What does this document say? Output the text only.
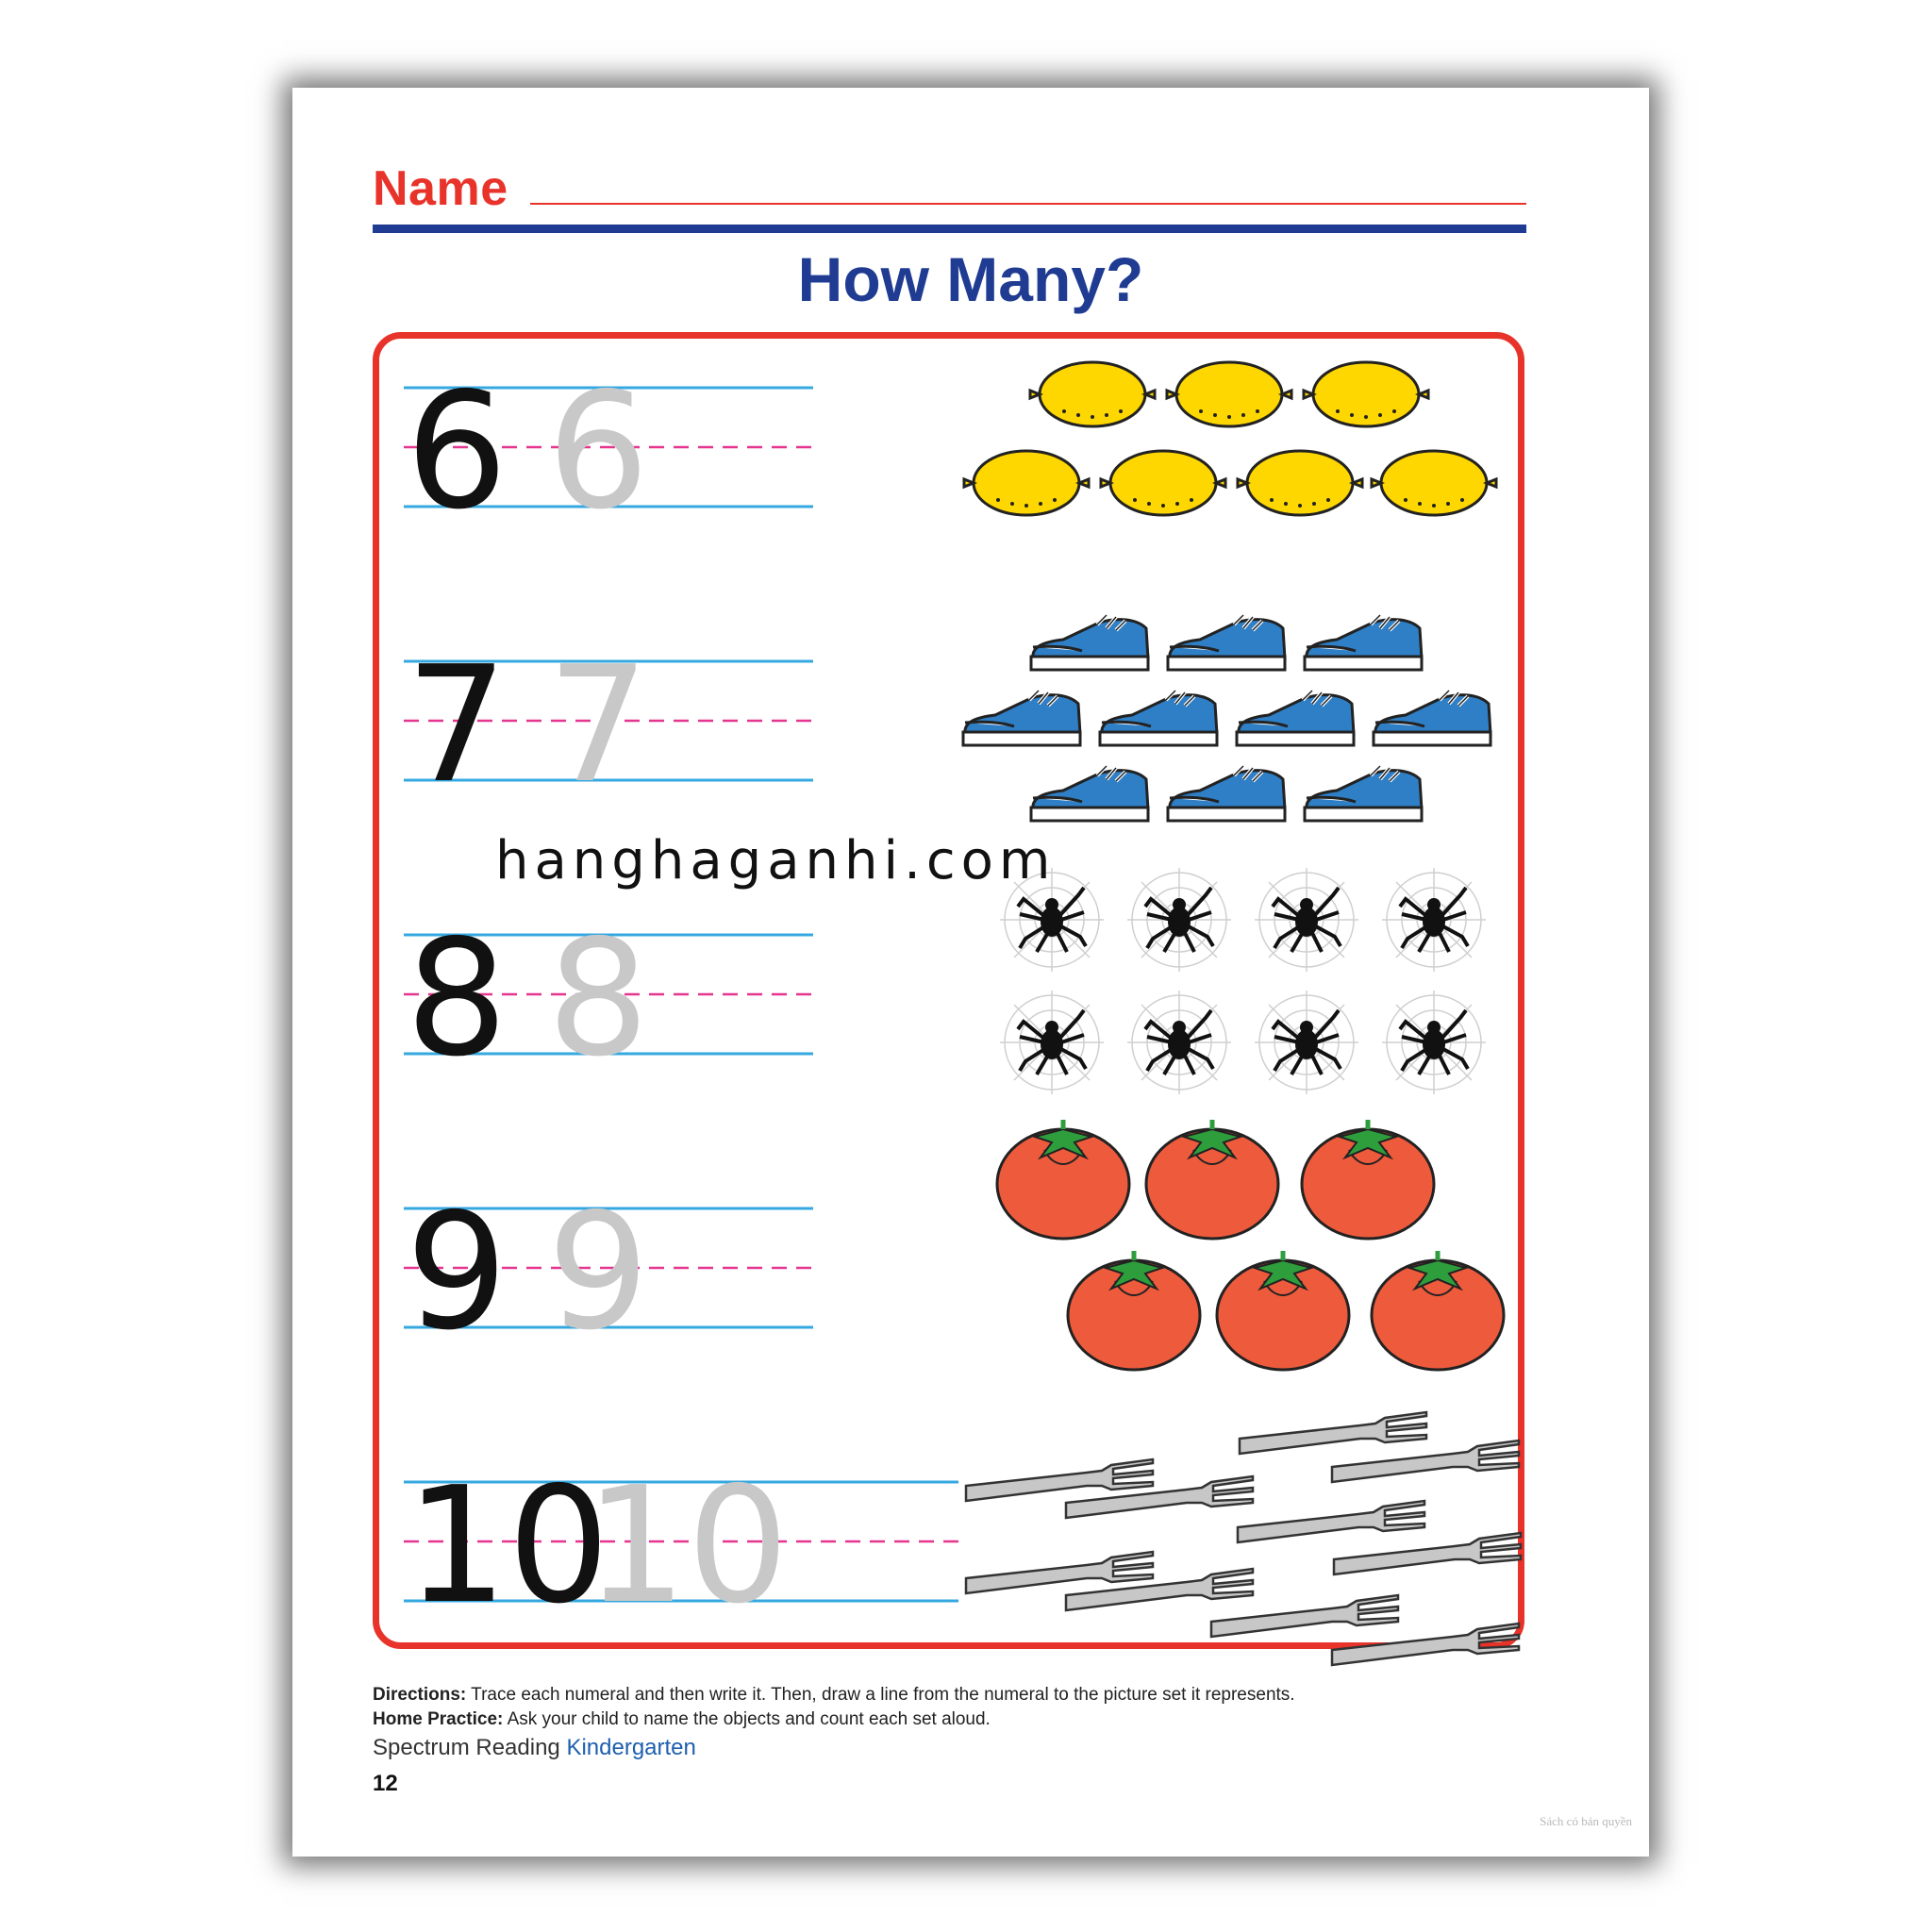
Name
How Many?
6 6
7 7
8 8
9 9
10
10
Directions: Trace each numeral and then write it. Then, draw a line from the numeral to the picture set it represents.
Home Practice: Ask your child to name the objects and count each set aloud.
Spectrum Reading Kindergarten
12
Sách có bản quyền
hanghaganhi.com
